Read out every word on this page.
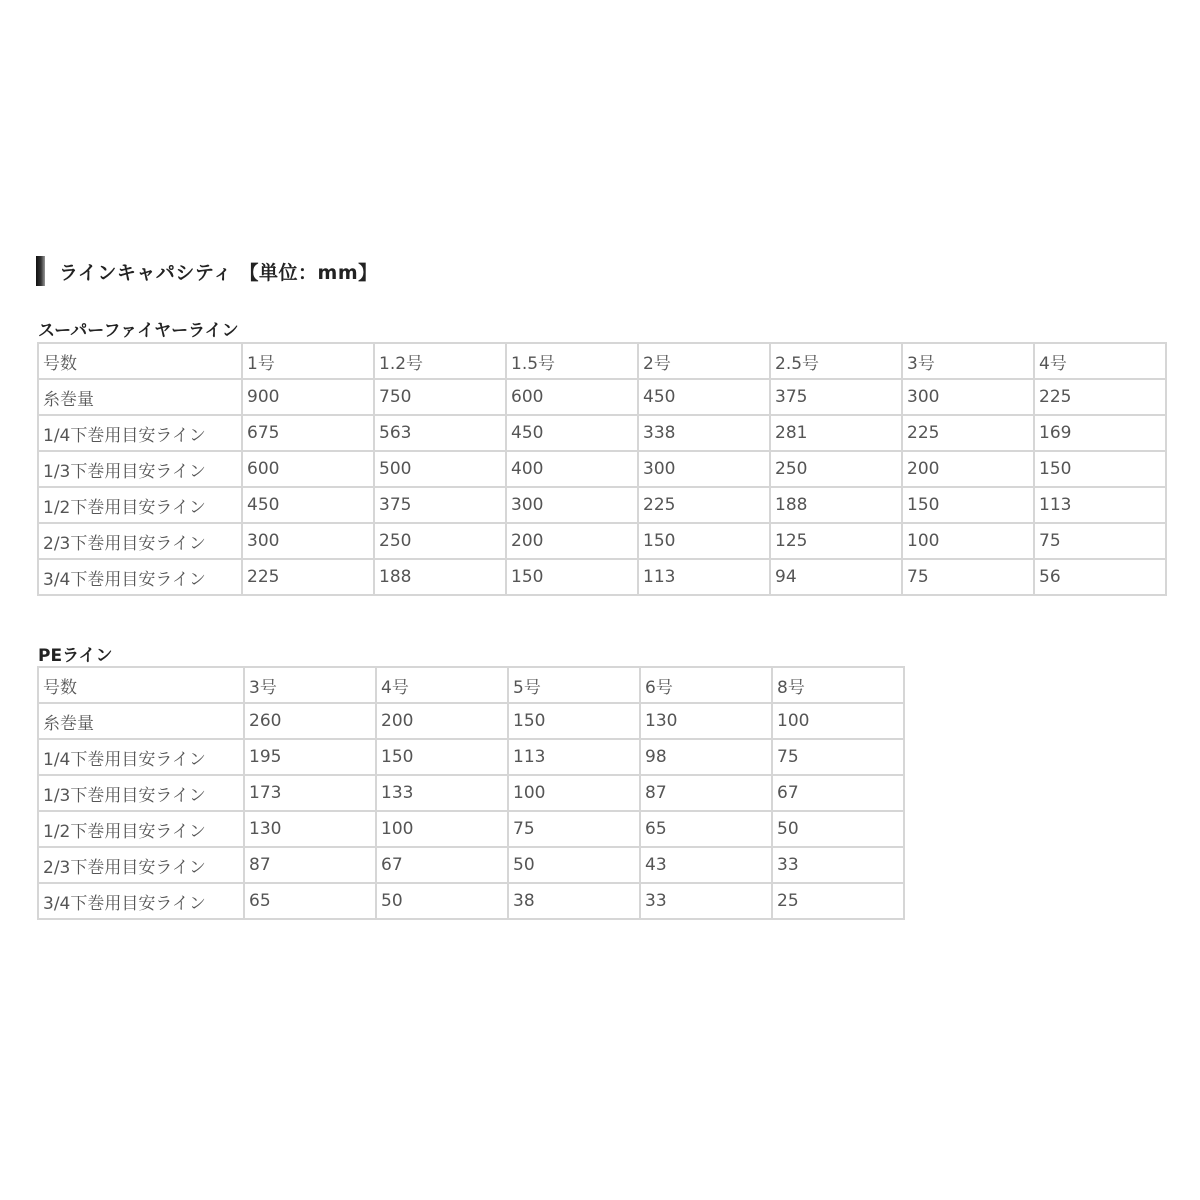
ラインキャパシティ 【単位：mm】
スーパーファイヤーライン
号数	1号	1.2号	1.5号	2号	2.5号	3号	4号
糸巻量	900	750	600	450	375	300	225
1/4下巻用目安ライン	675	563	450	338	281	225	169
1/3下巻用目安ライン	600	500	400	300	250	200	150
1/2下巻用目安ライン	450	375	300	225	188	150	113
2/3下巻用目安ライン	300	250	200	150	125	100	75
3/4下巻用目安ライン	225	188	150	113	94	75	56
PEライン
号数	3号	4号	5号	6号	8号
糸巻量	260	200	150	130	100
1/4下巻用目安ライン	195	150	113	98	75
1/3下巻用目安ライン	173	133	100	87	67
1/2下巻用目安ライン	130	100	75	65	50
2/3下巻用目安ライン	87	67	50	43	33
3/4下巻用目安ライン	65	50	38	33	25
